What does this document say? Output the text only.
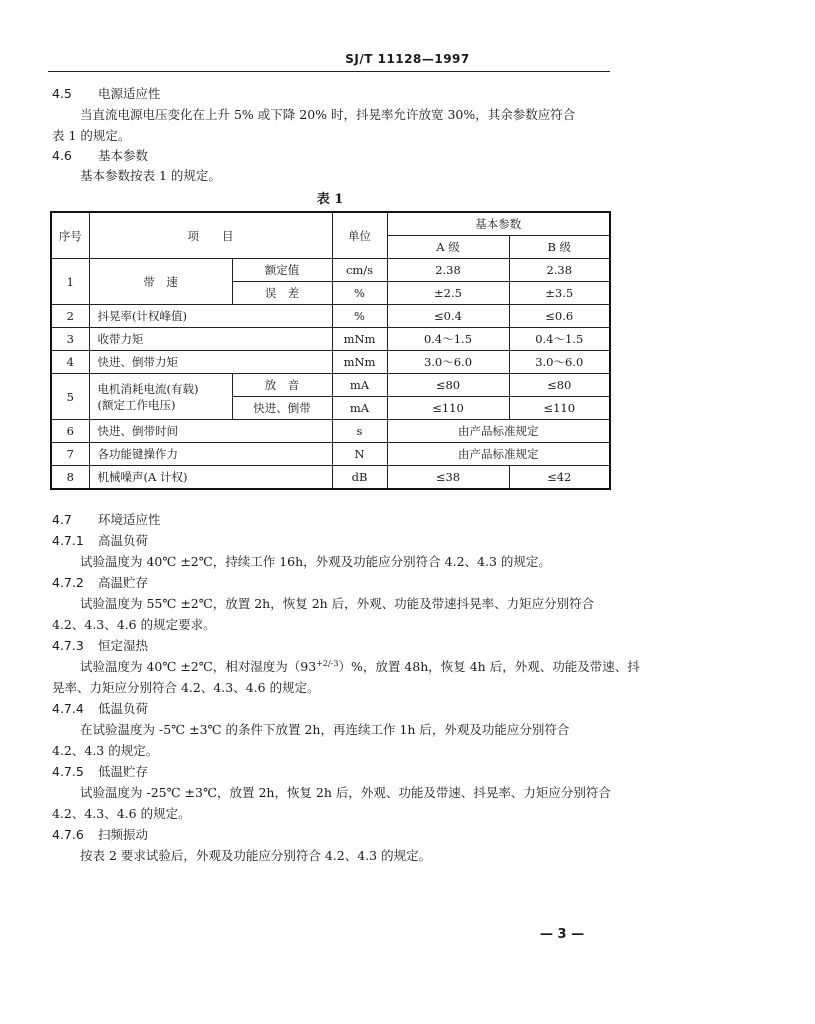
SJ/T 11128—1997
4.5 电源适应性
当直流电源电压变化在上升 5% 或下降 20% 时，抖晃率允许放宽 30%，其余参数应符合
表 1 的规定。
4.6 基本参数
基本参数按表 1 的规定。
表 1
序号	项　　目		单位	基本参数	
				A 级	B 级
1	带　速	额定值	cm/s	2.38	2.38
		误　差	%	±2.5	±3.5
2	抖晃率(计权峰值)		%	≤0.4	≤0.6
3	收带力矩		mNm	0.4～1.5	0.4～1.5
4	快进、倒带力矩		mNm	3.0～6.0	3.0～6.0
5	电机消耗电流(有载)
(额定工作电压)	放　音	mA	≤80	≤80
		快进、倒带	mA	≤110	≤110
6	快进、倒带时间		s	由产品标准规定	
7	各功能键操作力		N	由产品标准规定	
8	机械噪声(A 计权)		dB	≤38	≤42
4.7 环境适应性
4.7.1 高温负荷
试验温度为 40℃ ±2℃，持续工作 16h，外观及功能应分别符合 4.2、4.3 的规定。
4.7.2 高温贮存
试验温度为 55℃ ±2℃，放置 2h，恢复 2h 后，外观、功能及带速抖晃率、力矩应分别符合
4.2、4.3、4.6 的规定要求。
4.7.3 恒定湿热
试验温度为 40℃ ±2℃，相对湿度为$(93^{+2/-3})\%$，放置 48h，恢复 4h 后，外观、功能及带速、抖
晃率、力矩应分别符合 4.2、4.3、4.6 的规定。
4.7.4 低温负荷
在试验温度为 -5℃ ±3℃ 的条件下放置 2h，再连续工作 1h 后，外观及功能应分别符合
4.2、4.3 的规定。
4.7.5 低温贮存
试验温度为 -25℃ ±3℃，放置 2h，恢复 2h 后，外观、功能及带速、抖晃率、力矩应分别符合
4.2、4.3、4.6 的规定。
4.7.6 扫频振动
按表 2 要求试验后，外观及功能应分别符合 4.2、4.3 的规定。
— 3 —
